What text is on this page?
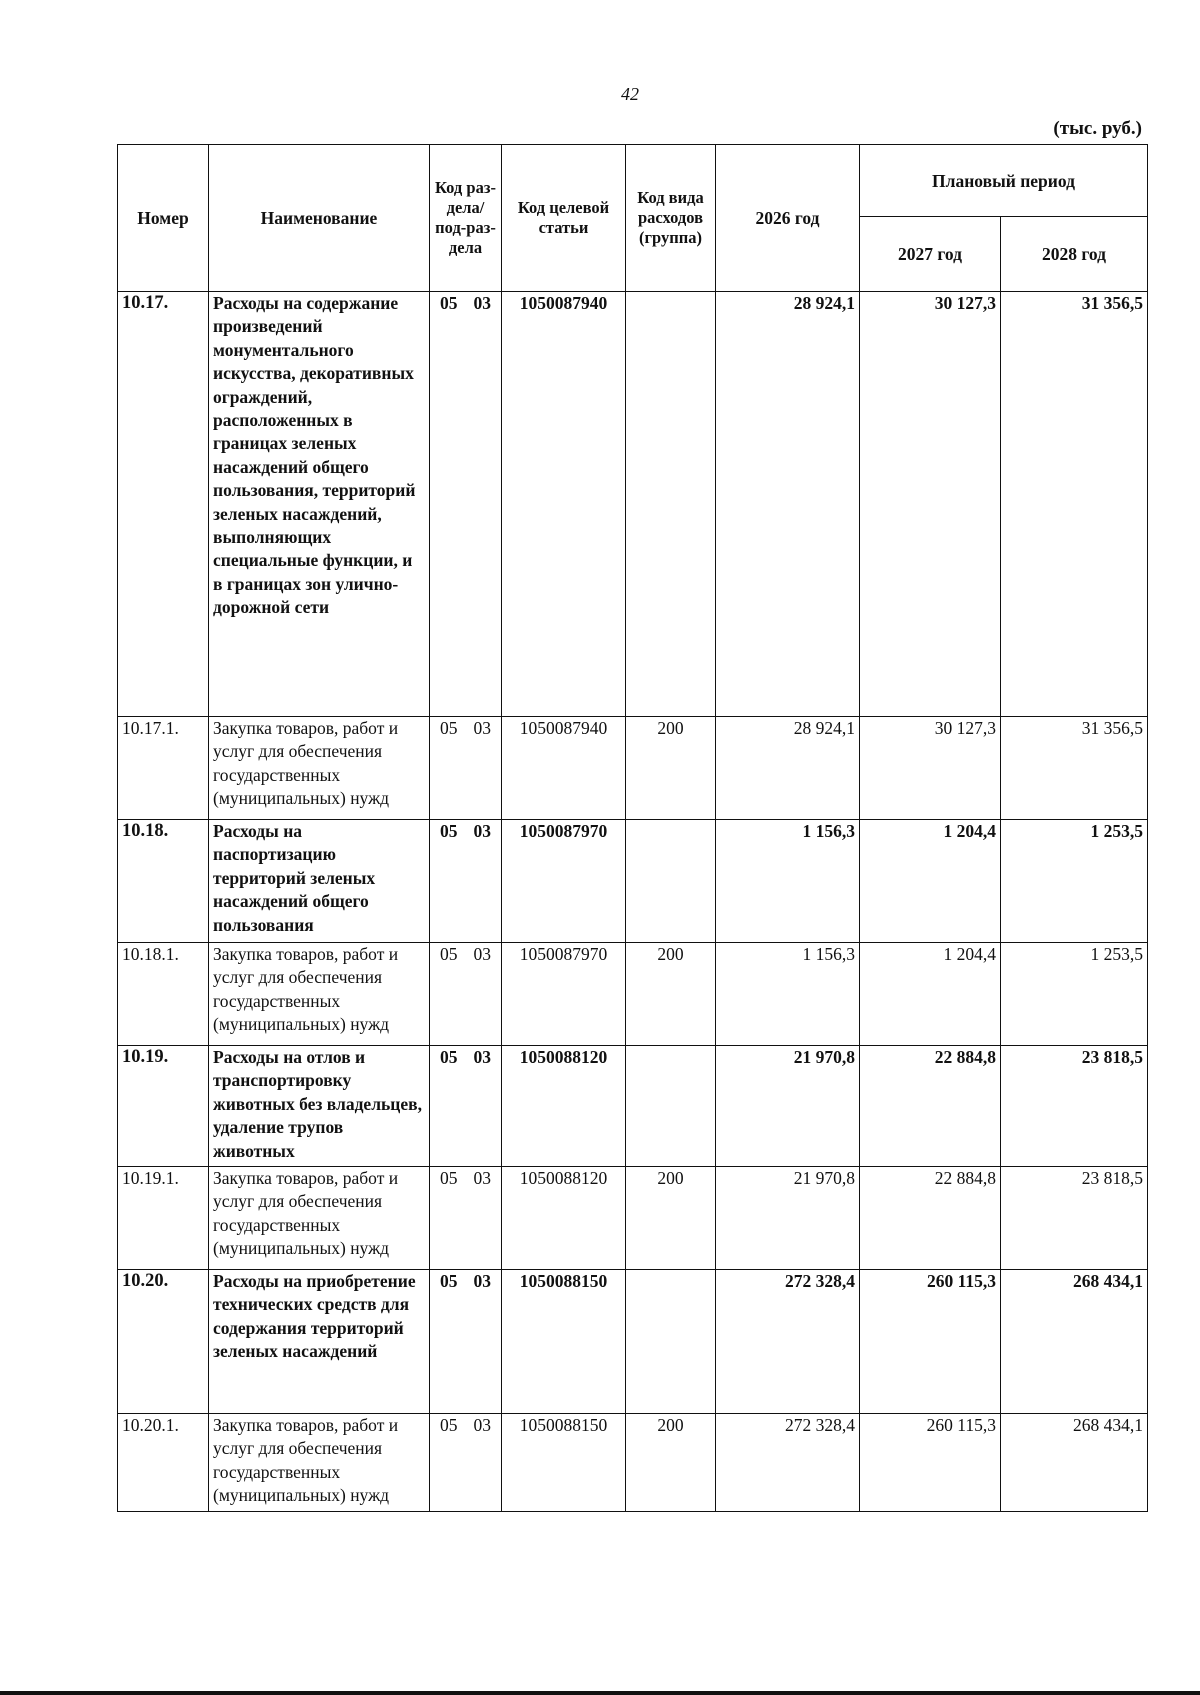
42
(тыс. руб.)
Номер	Наименование	Код раз-дела/ под-раз-дела	Код целевой статьи	Код вида расходов (группа)	2026 год	Плановый период	
						2027 год	2028 год
10.17.	Расходы на содержание произведений монументального искусства, декоративных ограждений, расположенных в границах зеленых насаждений общего пользования, территорий зеленых насаждений, выполняющих специальные функции, и в границах зон улично-дорожной сети	05 03	1050087940		28 924,1	30 127,3	31 356,5
10.17.1.	Закупка товаров, работ и услуг для обеспечения государственных (муниципальных) нужд	05 03	1050087940	200	28 924,1	30 127,3	31 356,5
10.18.	Расходы на паспортизацию территорий зеленых насаждений общего пользования	05 03	1050087970		1 156,3	1 204,4	1 253,5
10.18.1.	Закупка товаров, работ и услуг для обеспечения государственных (муниципальных) нужд	05 03	1050087970	200	1 156,3	1 204,4	1 253,5
10.19.	Расходы на отлов и транспортировку животных без владельцев, удаление трупов животных	05 03	1050088120		21 970,8	22 884,8	23 818,5
10.19.1.	Закупка товаров, работ и услуг для обеспечения государственных (муниципальных) нужд	05 03	1050088120	200	21 970,8	22 884,8	23 818,5
10.20.	Расходы на приобретение технических средств для содержания территорий зеленых насаждений	05 03	1050088150		272 328,4	260 115,3	268 434,1
10.20.1.	Закупка товаров, работ и услуг для обеспечения государственных (муниципальных) нужд	05 03	1050088150	200	272 328,4	260 115,3	268 434,1
